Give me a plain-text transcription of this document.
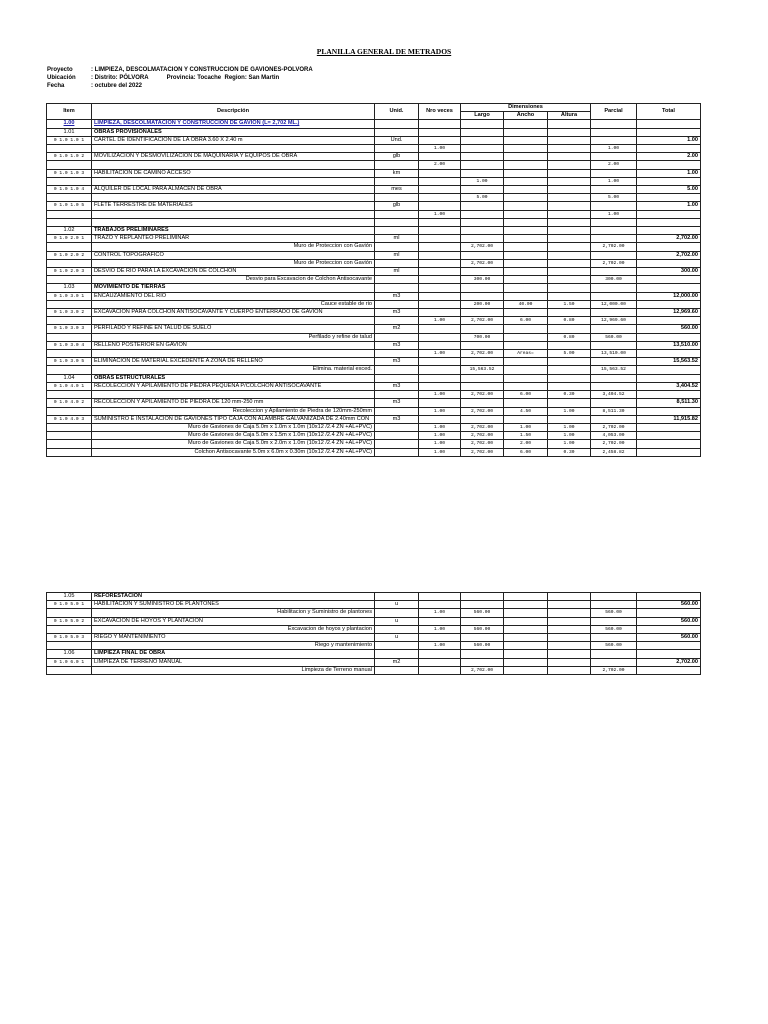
PLANILLA GENERAL DE METRADOS
Proyecto	: LIMPIEZA, DESCOLMATACION Y CONSTRUCCION DE GAVIONES-POLVORA
Ubicación	: Distrito: PÓLVORA	Provincia: Tocache Region: San Martin
Fecha	: octubre del 2022
Item	Descripción	Unid.	Nro veces	Dimensiones			Parcial	Total
				Largo	Ancho	Altura		
1.00	LIMPIEZA, DESCOLMATACION Y CONSTRUCCION DE GAVIÓN (L= 2,702 ML.)							
1.01	OBRAS PROVISIONALES							
0 1.0 1.0 1	CARTEL DE IDENTIFICACION DE LA OBRA 3.60 X 2.40 m	Und.						1.00
			1.00				1.00	
0 1.0 1.0 2	MOVILIZACION Y DESMOVILIZACION DE MAQUINARIA Y EQUIPOS DE OBRA	glb						2.00
			2.00				2.00	
0 1.0 1.0 3	HABILITACION DE CAMINO ACCESO	km						1.00
				1.00			1.00	
0 1.0 1.0 4	ALQUILER DE LOCAL PARA ALMACEN DE OBRA	mes						5.00
				5.00			5.00	
0 1.0 1.0 5	FLETE TERRESTRE DE MATERIALES	glb						1.00
			1.00				1.00	

1.02	TRABAJOS PRELIMINARES							
0 1.0 2.0 1	TRAZO Y REPLANTEO PRELIMINAR	ml						2,702.00
	Muro de Proteccion con Gavión			2,702.00			2,702.00	
0 1.0 2.0 2	CONTROL TOPOGRAFICO	ml						2,702.00
	Muro de Proteccion con Gavión			2,702.00			2,702.00	
0 1.0 2.0 3	DESVIO DE RIO PARA LA EXCAVACION DE COLCHON	ml						300.00
	Desvio para Excavacion de Colchon Antisocavante			300.00			300.00	
1.03	MOVIMIENTO DE TIERRAS							
0 1.0 3.0 1	ENCAUZAMIENTO DEL RIO	m3						12,000.00
	Cauce estable de rio			200.00	40.00	1.50	12,000.00	
0 1.0 3.0 2	EXCAVACION PARA COLCHON ANTISOCAVANTE Y CUERPO ENTERRADO DE GAVION	m3						12,969.60
			1.00	2,702.00	6.00	0.80	12,969.60	
0 1.0 3.0 3	PERFILADO Y REFINE EN TALUD DE SUELO	m2						560.00
	Perfilado y refine de talud			700.00		0.80	560.00	
0 1.0 3.0 4	RELLENO POSTERIOR EN GAVION	m3						13,510.00
			1.00	2,702.00	Areas=	5.00	13,510.00	
0 1.0 3.0 5	ELIMINACION DE MATERIAL EXCEDENTE A ZONA DE RELLENO	m3						15,563.52
	Elimina. material exced.			15,563.52			15,563.52	
1.04	OBRAS ESTRUCTURALES							
0 1.0 4.0 1	RECOLECCION Y APILAMIENTO DE PIEDRA PEQUEÑA P/COLCHON ANTISOCAVANTE	m3						3,404.52
			1.00	2,702.00	6.00	0.30	3,404.52	
0 1.0 4.0 2	RECOLECCION Y APILAMIENTO DE PIEDRA DE 120 mm-250 mm	m3						8,511.30
	Recoleccion y Apilamiento de Piedra de 120mm-250mm		1.00	2,702.00	4.50	1.00	8,511.30	
0 1.0 4.0 3	SUMINISTRO E INSTALACION DE GAVIONES TIPO CAJA CON ALAMBRE GALVANIZADA DE 2.40mm CON	m3						11,915.82
	Muro de Gaviones de Caja 5.0m x 1.0m x 1.0m (10x12 /2.4 ZN +AL+PVC)		1.00	2,702.00	1.00	1.00	2,702.00	
	Muro de Gaviones de Caja 5.0m x 1.5m x 1.0m (10x12 /2.4 ZN +AL+PVC)		1.00	2,702.00	1.50	1.00	4,053.00	
	Muro de Gaviones de Caja 5.0m x 2.0m x 1.0m (10x12 /2.4 ZN +AL+PVC)		1.00	2,702.00	2.00	1.00	2,702.00	
	Colchon Antisocavante 5.0m x 6.0m x 0.30m (10x12 /2.4 ZN +AL+PVC)		1.00	2,702.00	6.00	0.30	2,458.82	
1.05	REFORESTACION							
0 1.0 5.0 1	HABILITACION Y SUMINISTRO DE PLANTONES	u						560.00
	Habilitacion y Suministro de plantones		1.00	560.00			560.00	
0 1.0 5.0 2	EXCAVACION DE HOYOS Y PLANTACION	u						560.00
	Excavacion de hoyos y plantacion		1.00	560.00			560.00	
0 1.0 5.0 3	RIEGO Y MANTENIMIENTO	u						560.00
	Riego y mantenimiento		1.00	560.00			560.00	
1.06	LIMPIEZA FINAL DE OBRA							
0 1.0 6.0 1	LIMPIEZA DE TERRENO MANUAL	m2						2,702.00
	Limpieza de Terreno manual			2,702.00			2,702.00	
